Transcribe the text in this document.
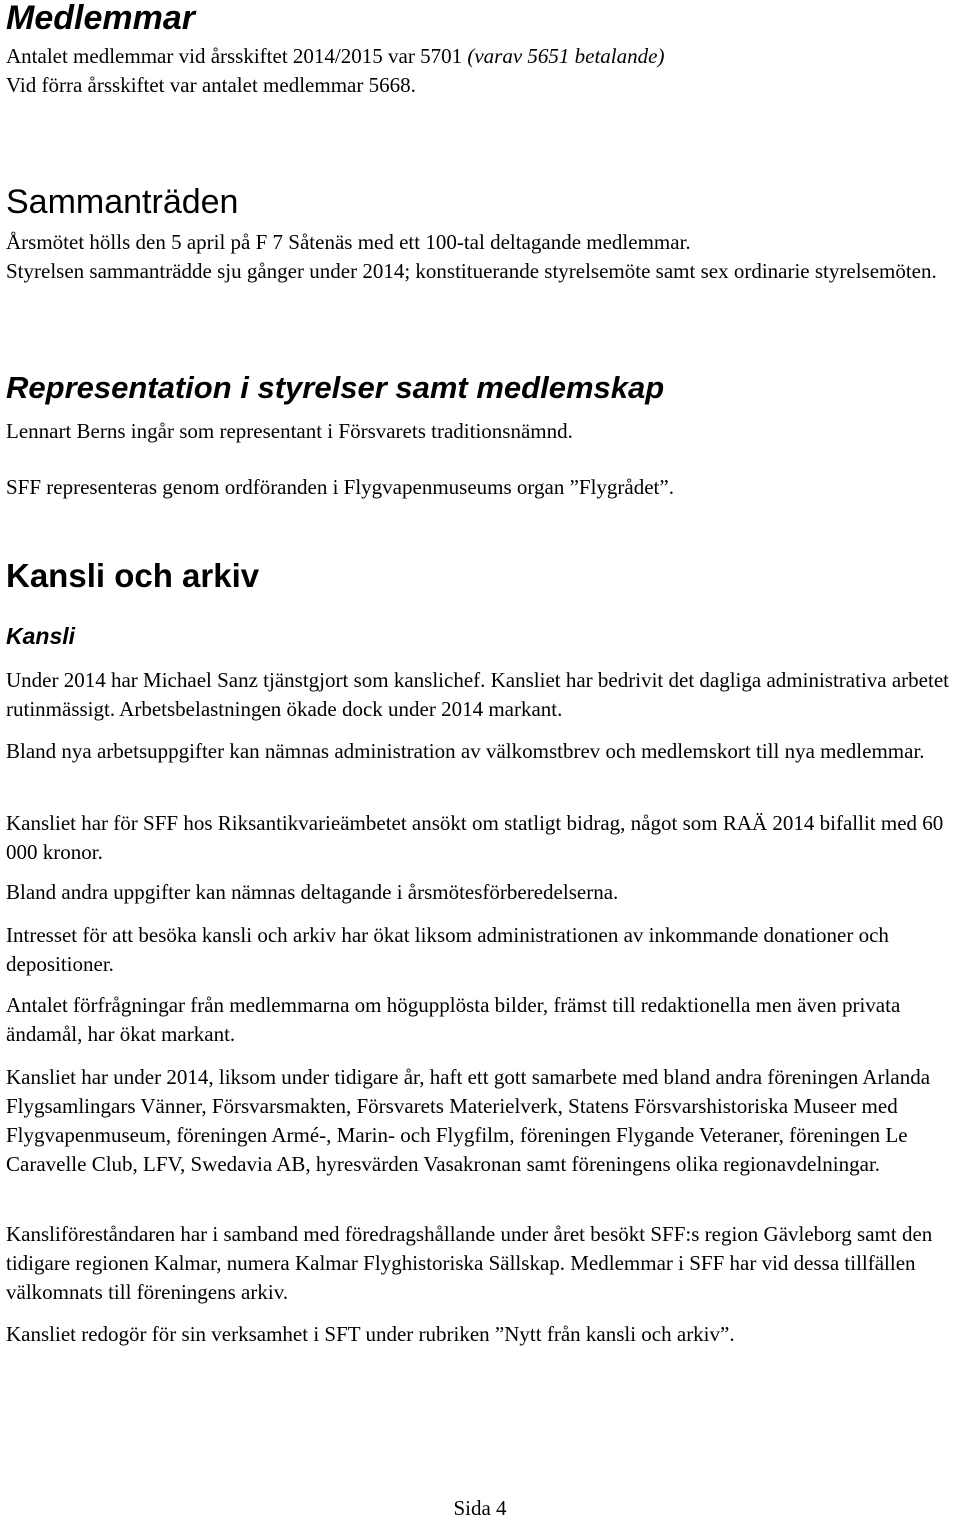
Medlemmar

Antalet medlemmar vid årsskiftet 2014/2015 var 5701 (varav 5651 betalande)

Vid förra årsskiftet var antalet medlemmar 5668.

Sammanträden

Årsmötet hölls den 5 april på F 7 Såtenäs med ett 100-tal deltagande medlemmar.

Styrelsen sammanträdde sju gånger under 2014; konstituerande styrelsemöte samt sex ordinarie styrelsemöten.

Representation i styrelser samt medlemskap

Lennart Berns ingår som representant i Försvarets traditionsnämnd.

SFF representeras genom ordföranden i Flygvapenmuseums organ ”Flygrådet”.

Kansli och arkiv
Kansli

Under 2014 har Michael Sanz tjänstgjort som kanslichef. Kansliet har bedrivit det dagliga administrativa arbetet rutinmässigt. Arbetsbelastningen ökade dock under 2014 markant.

Bland nya arbetsuppgifter kan nämnas administration av välkomstbrev och medlemskort till nya medlemmar.

Kansliet har för SFF hos Riksantikvarieämbetet ansökt om statligt bidrag, något som RAÄ 2014 bifallit med 60 000 kronor.

Bland andra uppgifter kan nämnas deltagande i årsmötesförberedelserna.

Intresset för att besöka kansli och arkiv har ökat liksom administrationen av inkommande donationer och depositioner.

Antalet förfrågningar från medlemmarna om högupplösta bilder, främst till redaktionella men även privata ändamål, har ökat markant.

Kansliet har under 2014, liksom under tidigare år, haft ett gott samarbete med bland andra föreningen Arlanda Flygsamlingars Vänner, Försvarsmakten, Försvarets Materielverk, Statens Försvarshistoriska Museer med Flygvapenmuseum, föreningen Armé-, Marin- och Flygfilm, föreningen Flygande Veteraner, föreningen Le Caravelle Club, LFV, Swedavia AB, hyresvärden Vasakronan samt föreningens olika regionavdelningar.

Kansliföreståndaren har i samband med föredragshållande under året besökt SFF:s region Gävleborg samt den tidigare regionen Kalmar, numera Kalmar Flyghistoriska Sällskap. Medlemmar i SFF har vid dessa tillfällen välkomnats till föreningens arkiv.

Kansliet redogör för sin verksamhet i SFT under rubriken ”Nytt från kansli och arkiv”.

Sida 4
